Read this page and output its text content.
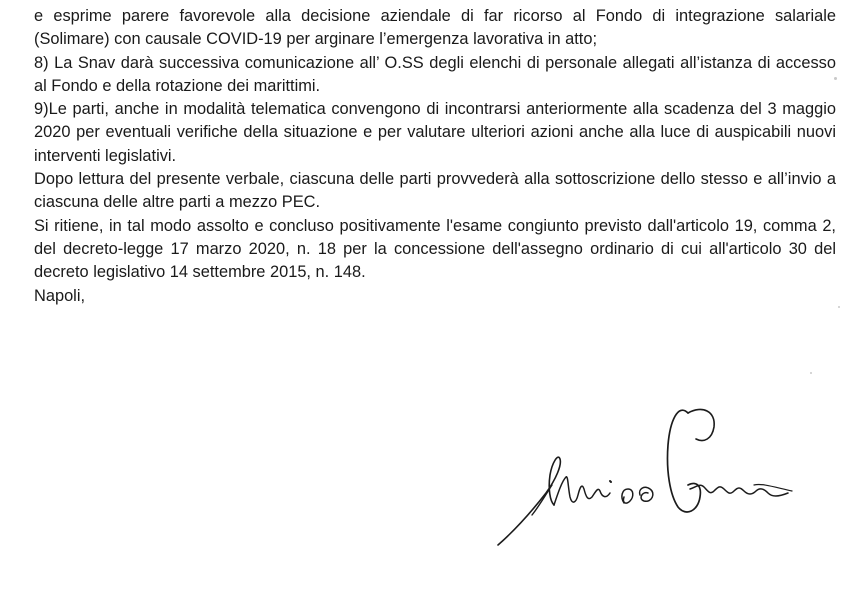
e esprime parere favorevole alla decisione aziendale di far ricorso al Fondo di integrazione salariale (Solimare) con causale COVID-19 per arginare l’emergenza lavorativa in atto;

8) La Snav darà successiva comunicazione all’ O.SS degli elenchi di personale allegati all’istanza di accesso al Fondo e della rotazione dei marittimi.

9)Le parti, anche in modalità telematica convengono di incontrarsi anteriormente alla scadenza del 3 maggio 2020 per eventuali verifiche della situazione e per valutare ulteriori azioni anche alla luce di auspicabili nuovi interventi legislativi.

Dopo lettura del presente verbale, ciascuna delle parti provvederà alla sottoscrizione dello stesso e all’invio a ciascuna delle altre parti a mezzo PEC.

Si ritiene, in tal modo assolto e concluso positivamente l'esame congiunto previsto dall'articolo 19, comma 2, del decreto-legge 17 marzo 2020, n. 18 per la concessione dell'assegno ordinario di cui all'articolo 30 del decreto legislativo 14 settembre 2015, n. 148.

Napoli,
